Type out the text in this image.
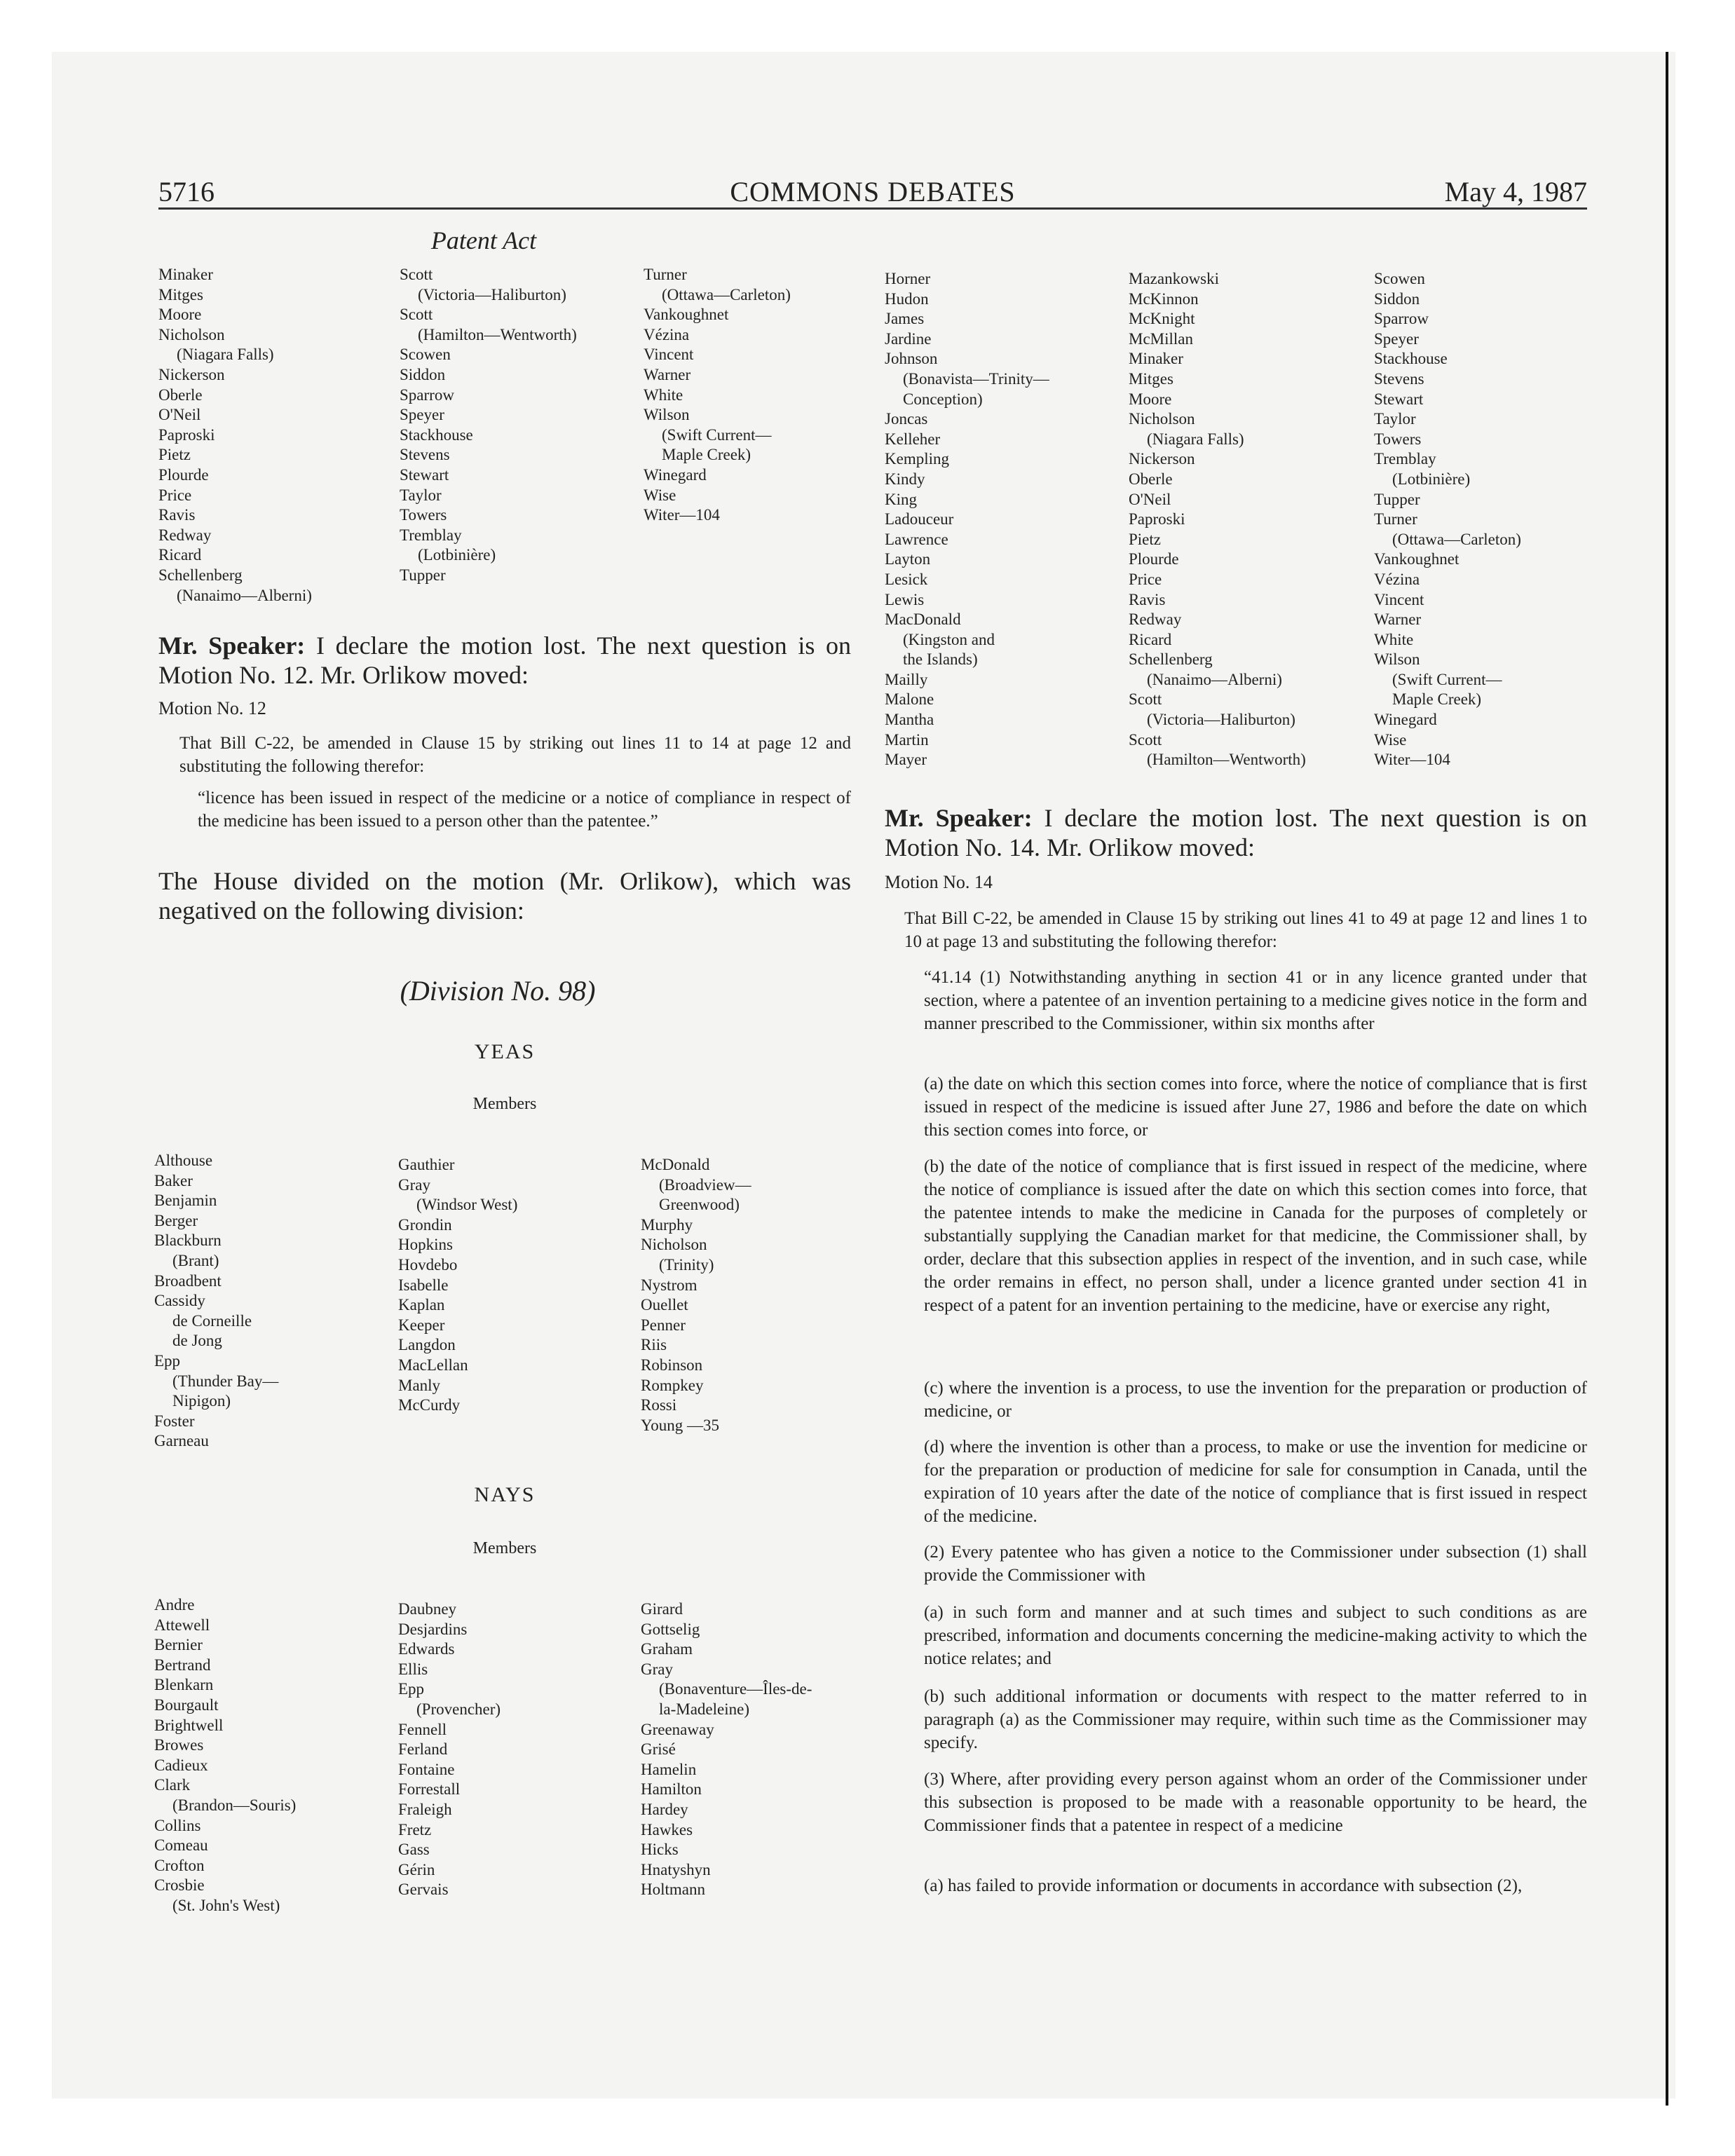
5716	COMMONS DEBATES	May 4, 1987
Patent Act
Minaker
Mitges
Moore
Nicholson
(Niagara Falls)
Nickerson
Oberle
O'Neil
Paproski
Pietz
Plourde
Price
Ravis
Redway
Ricard
Schellenberg
(Nanaimo—Alberni)
Scott
(Victoria—Haliburton)
Scott
(Hamilton—Wentworth)
Scowen
Siddon
Sparrow
Speyer
Stackhouse
Stevens
Stewart
Taylor
Towers
Tremblay
(Lotbinière)
Tupper
Turner
(Ottawa—Carleton)
Vankoughnet
Vézina
Vincent
Warner
White
Wilson
(Swift Current—
Maple Creek)
Winegard
Wise
Witer—104
Mr. Speaker: I declare the motion lost. The next question is on Motion No. 12. Mr. Orlikow moved:
Motion No. 12
That Bill C-22, be amended in Clause 15 by striking out lines 11 to 14 at page 12 and substituting the following therefor:
“licence has been issued in respect of the medicine or a notice of compliance in respect of the medicine has been issued to a person other than the patentee.”
The House divided on the motion (Mr. Orlikow), which was negatived on the following division:
(Division No. 98)
YEAS
Members
Althouse
Baker
Benjamin
Berger
Blackburn
(Brant)
Broadbent
Cassidy
de Corneille
de Jong
Epp
(Thunder Bay—
Nipigon)
Foster
Garneau
Gauthier
Gray
(Windsor West)
Grondin
Hopkins
Hovdebo
Isabelle
Kaplan
Keeper
Langdon
MacLellan
Manly
McCurdy
McDonald
(Broadview—
Greenwood)
Murphy
Nicholson
(Trinity)
Nystrom
Ouellet
Penner
Riis
Robinson
Rompkey
Rossi
Young —35
NAYS
Members
Andre
Attewell
Bernier
Bertrand
Blenkarn
Bourgault
Brightwell
Browes
Cadieux
Clark
(Brandon—Souris)
Collins
Comeau
Crofton
Crosbie
(St. John's West)
Daubney
Desjardins
Edwards
Ellis
Epp
(Provencher)
Fennell
Ferland
Fontaine
Forrestall
Fraleigh
Fretz
Gass
Gérin
Gervais
Girard
Gottselig
Graham
Gray
(Bonaventure—Îles-de-
la-Madeleine)
Greenaway
Grisé
Hamelin
Hamilton
Hardey
Hawkes
Hicks
Hnatyshyn
Holtmann
Horner
Hudon
James
Jardine
Johnson
(Bonavista—Trinity—
Conception)
Joncas
Kelleher
Kempling
Kindy
King
Ladouceur
Lawrence
Layton
Lesick
Lewis
MacDonald
(Kingston and
the Islands)
Mailly
Malone
Mantha
Martin
Mayer
Mazankowski
McKinnon
McKnight
McMillan
Minaker
Mitges
Moore
Nicholson
(Niagara Falls)
Nickerson
Oberle
O'Neil
Paproski
Pietz
Plourde
Price
Ravis
Redway
Ricard
Schellenberg
(Nanaimo—Alberni)
Scott
(Victoria—Haliburton)
Scott
(Hamilton—Wentworth)
Scowen
Siddon
Sparrow
Speyer
Stackhouse
Stevens
Stewart
Taylor
Towers
Tremblay
(Lotbinière)
Tupper
Turner
(Ottawa—Carleton)
Vankoughnet
Vézina
Vincent
Warner
White
Wilson
(Swift Current—
Maple Creek)
Winegard
Wise
Witer—104
Mr. Speaker: I declare the motion lost. The next question is on Motion No. 14. Mr. Orlikow moved:
Motion No. 14
That Bill C-22, be amended in Clause 15 by striking out lines 41 to 49 at page 12 and lines 1 to 10 at page 13 and substituting the following therefor:
“41.14 (1) Notwithstanding anything in section 41 or in any licence granted under that section, where a patentee of an invention pertaining to a medicine gives notice in the form and manner prescribed to the Commissioner, within six months after
(a) the date on which this section comes into force, where the notice of compliance that is first issued in respect of the medicine is issued after June 27, 1986 and before the date on which this section comes into force, or
(b) the date of the notice of compliance that is first issued in respect of the medicine, where the notice of compliance is issued after the date on which this section comes into force, that the patentee intends to make the medicine in Canada for the purposes of completely or substantially supplying the Canadian market for that medicine, the Commissioner shall, by order, declare that this subsection applies in respect of the invention, and in such case, while the order remains in effect, no person shall, under a licence granted under section 41 in respect of a patent for an invention pertaining to the medicine, have or exercise any right,
(c) where the invention is a process, to use the invention for the preparation or production of medicine, or
(d) where the invention is other than a process, to make or use the invention for medicine or for the preparation or production of medicine for sale for consumption in Canada, until the expiration of 10 years after the date of the notice of compliance that is first issued in respect of the medicine.
(2) Every patentee who has given a notice to the Commissioner under subsection (1) shall provide the Commissioner with
(a) in such form and manner and at such times and subject to such conditions as are prescribed, information and documents concerning the medicine-making activity to which the notice relates; and
(b) such additional information or documents with respect to the matter referred to in paragraph (a) as the Commissioner may require, within such time as the Commissioner may specify.
(3) Where, after providing every person against whom an order of the Commissioner under this subsection is proposed to be made with a reasonable opportunity to be heard, the Commissioner finds that a patentee in respect of a medicine
(a) has failed to provide information or documents in accordance with subsection (2),
